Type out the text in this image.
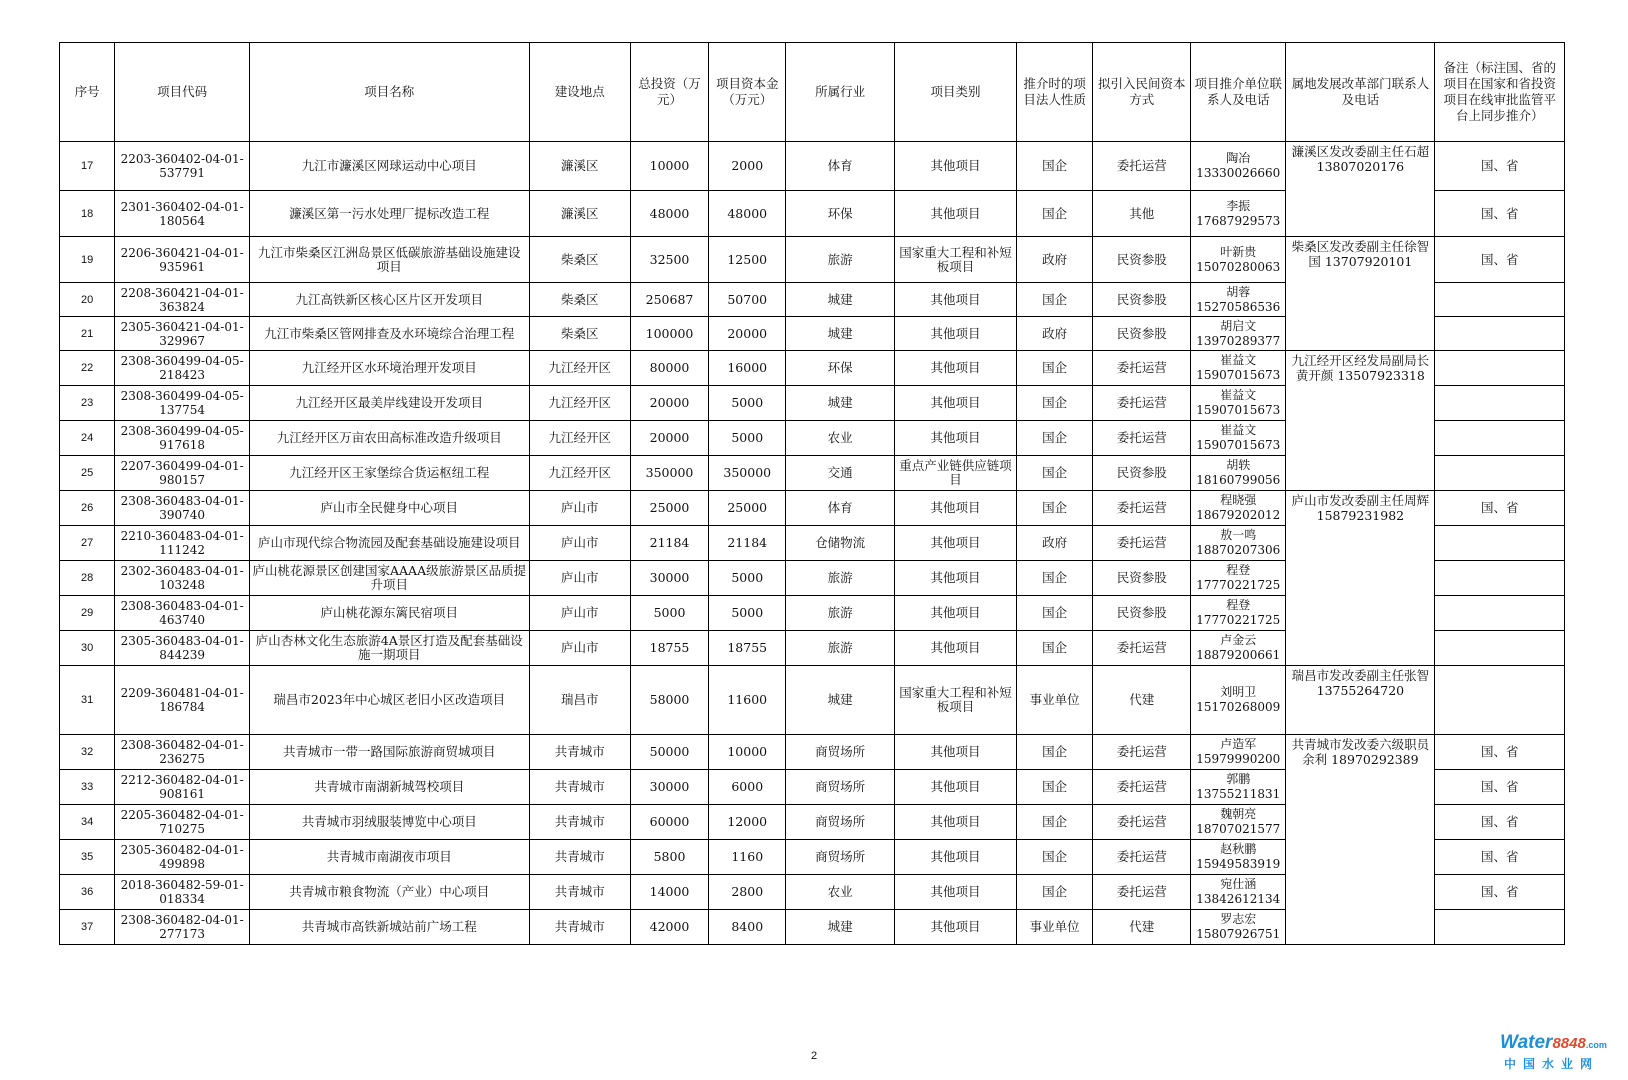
序号	项目代码	项目名称	建设地点	总投资（万元）	项目资本金（万元）	所属行业	项目类别	推介时的项目法人性质	拟引入民间资本方式	项目推介单位联系人及电话	属地发展改革部门联系人及电话	备注（标注国、省的项目在国家和省投资项目在线审批监管平台上同步推介）
17	2203-360402-04-01-537791	九江市濂溪区网球运动中心项目	濂溪区	10000	2000	体育	其他项目	国企	委托运营	陶冶 13330026660	濂溪区发改委副主任石超 13807020176	国、省
18	2301-360402-04-01-180564	濂溪区第一污水处理厂提标改造工程	濂溪区	48000	48000	环保	其他项目	国企	其他	李振 17687929573		国、省
19	2206-360421-04-01-935961	九江市柴桑区江洲岛景区低碳旅游基础设施建设项目	柴桑区	32500	12500	旅游	国家重大工程和补短板项目	政府	民资参股	叶新贵 15070280063	柴桑区发改委副主任徐智国 13707920101	国、省
20	2208-360421-04-01-363824	九江高铁新区核心区片区开发项目	柴桑区	250687	50700	城建	其他项目	国企	民资参股	胡蓉 15270586536		
21	2305-360421-04-01-329967	九江市柴桑区管网排查及水环境综合治理工程	柴桑区	100000	20000	城建	其他项目	政府	民资参股	胡启文 13970289377		
22	2308-360499-04-05-218423	九江经开区水环境治理开发项目	九江经开区	80000	16000	环保	其他项目	国企	委托运营	崔益文 15907015673	九江经开区经发局副局长黄开颜 13507923318	
23	2308-360499-04-05-137754	九江经开区最美岸线建设开发项目	九江经开区	20000	5000	城建	其他项目	国企	委托运营	崔益文 15907015673		
24	2308-360499-04-05-917618	九江经开区万亩农田高标准改造升级项目	九江经开区	20000	5000	农业	其他项目	国企	委托运营	崔益文 15907015673		
25	2207-360499-04-01-980157	九江经开区王家堡综合货运枢纽工程	九江经开区	350000	350000	交通	重点产业链供应链项目	国企	民资参股	胡轶 18160799056		
26	2308-360483-04-01-390740	庐山市全民健身中心项目	庐山市	25000	25000	体育	其他项目	国企	委托运营	程晓强 18679202012	庐山市发改委副主任周辉 15879231982	国、省
27	2210-360483-04-01-111242	庐山市现代综合物流园及配套基础设施建设项目	庐山市	21184	21184	仓储物流	其他项目	政府	委托运营	敖一鸣 18870207306		
28	2302-360483-04-01-103248	庐山桃花源景区创建国家AAAA级旅游景区品质提升项目	庐山市	30000	5000	旅游	其他项目	国企	民资参股	程登 17770221725		
29	2308-360483-04-01-463740	庐山桃花源东篱民宿项目	庐山市	5000	5000	旅游	其他项目	国企	民资参股	程登 17770221725		
30	2305-360483-04-01-844239	庐山杏林文化生态旅游4A景区打造及配套基础设施一期项目	庐山市	18755	18755	旅游	其他项目	国企	委托运营	卢金云 18879200661		
31	2209-360481-04-01-186784	瑞昌市2023年中心城区老旧小区改造项目	瑞昌市	58000	11600	城建	国家重大工程和补短板项目	事业单位	代建	刘明卫 15170268009	瑞昌市发改委副主任张智 13755264720	
32	2308-360482-04-01-236275	共青城市一带一路国际旅游商贸城项目	共青城市	50000	10000	商贸场所	其他项目	国企	委托运营	卢造军 15979990200	共青城市发改委六级职员余利 18970292389	国、省
33	2212-360482-04-01-908161	共青城市南湖新城驾校项目	共青城市	30000	6000	商贸场所	其他项目	国企	委托运营	郭鹏 13755211831		国、省
34	2205-360482-04-01-710275	共青城市羽绒服装博览中心项目	共青城市	60000	12000	商贸场所	其他项目	国企	委托运营	魏朝亮 18707021577		国、省
35	2305-360482-04-01-499898	共青城市南湖夜市项目	共青城市	5800	1160	商贸场所	其他项目	国企	委托运营	赵秋鹏 15949583919		国、省
36	2018-360482-59-01-018334	共青城市粮食物流（产业）中心项目	共青城市	14000	2800	农业	其他项目	国企	委托运营	宛仕涵 13842612134		国、省
37	2308-360482-04-01-277173	共青城市高铁新城站前广场工程	共青城市	42000	8400	城建	其他项目	事业单位	代建	罗志宏 15807926751		
2
Water8848.com
中国水业网
